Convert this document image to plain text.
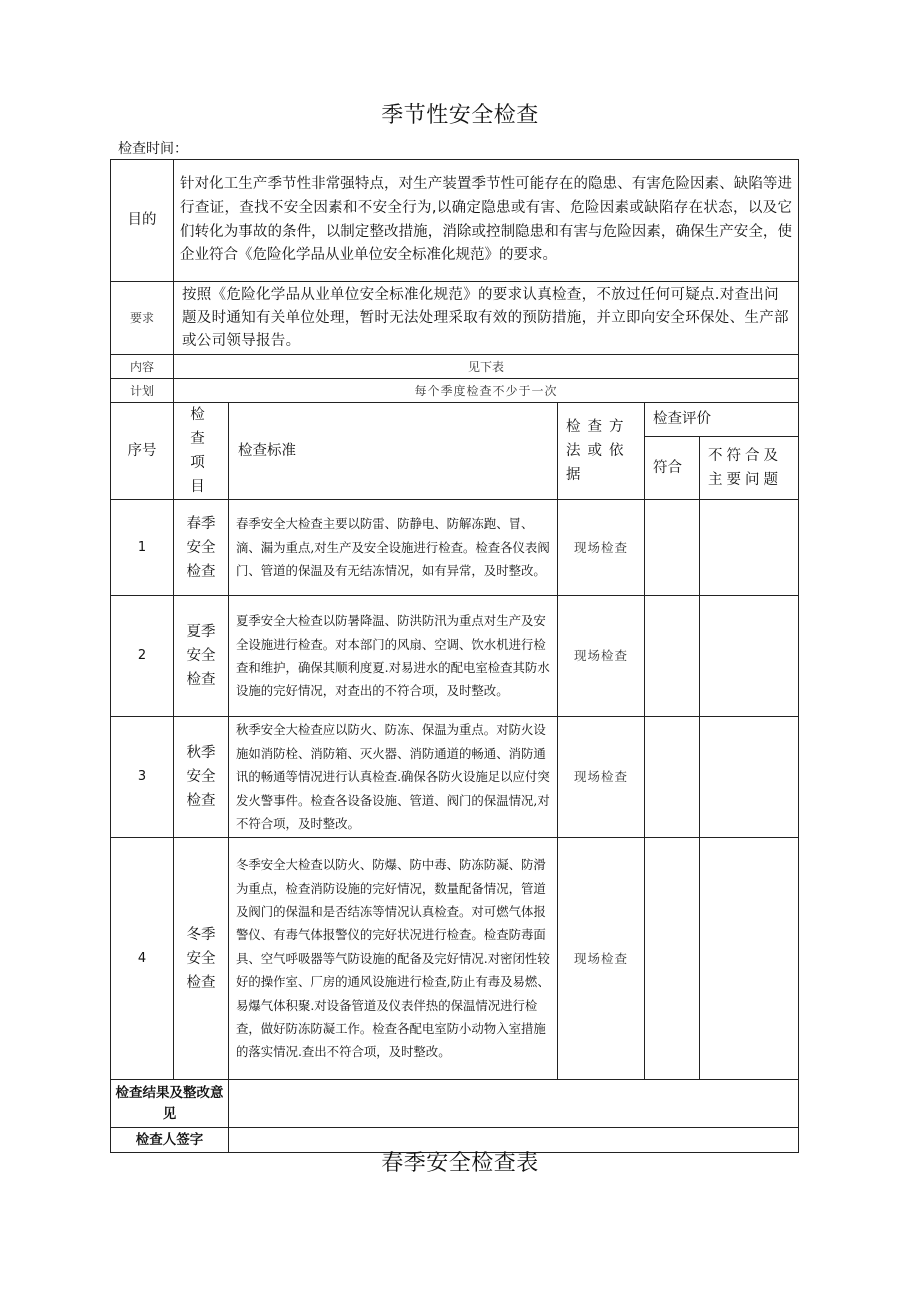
季节性安全检查
检查时间：
目的	针对化工生产季节性非常强特点，对生产装置季节性可能存在的隐患、有害危险因素、缺陷等进行查证，查找不安全因素和不安全行为,以确定隐患或有害、危险因素或缺陷存在状态，以及它们转化为事故的条件，以制定整改措施，消除或控制隐患和有害与危险因素，确保生产安全，使企业符合《危险化学品从业单位安全标准化规范》的要求。				
要求	按照《危险化学品从业单位安全标准化规范》的要求认真检查，不放过任何可疑点.对查出问题及时通知有关单位处理，暂时无法处理采取有效的预防措施，并立即向安全环保处、生产部或公司领导报告。				
内容	见下表				
计划	每个季度检查不少于一次				
序号	检查项目	检查标准	检查方法或依据	检查评价	
				符合	不符合及主要问题
1	春季安全检查	春季安全大检查主要以防雷、防静电、防解冻跑、冒、滴、漏为重点,对生产及安全设施进行检查。检查各仪表阀门、管道的保温及有无结冻情况，如有异常，及时整改。	现场检查		
2	夏季安全检查	夏季安全大检查以防暑降温、防洪防汛为重点对生产及安全设施进行检查。对本部门的风扇、空调、饮水机进行检查和维护，确保其顺利度夏.对易进水的配电室检查其防水设施的完好情况，对查出的不符合项，及时整改。	现场检查		
3	秋季安全检查	秋季安全大检查应以防火、防冻、保温为重点。对防火设施如消防栓、消防箱、灭火器、消防通道的畅通、消防通讯的畅通等情况进行认真检查.确保各防火设施足以应付突发火警事件。检查各设备设施、管道、阀门的保温情况,对不符合项，及时整改。	现场检查		
4	冬季安全检查	冬季安全大检查以防火、防爆、防中毒、防冻防凝、防滑为重点，检查消防设施的完好情况，数量配备情况，管道及阀门的保温和是否结冻等情况认真检查。对可燃气体报警仪、有毒气体报警仪的完好状况进行检查。检查防毒面具、空气呼吸器等气防设施的配备及完好情况.对密闭性较好的操作室、厂房的通风设施进行检查,防止有毒及易燃、易爆气体积聚.对设备管道及仪表伴热的保温情况进行检查，做好防冻防凝工作。检查各配电室防小动物入室措施的落实情况.查出不符合项，及时整改。	现场检查		
检查结果及整改意见					
检查人签字					
春季安全检查表
